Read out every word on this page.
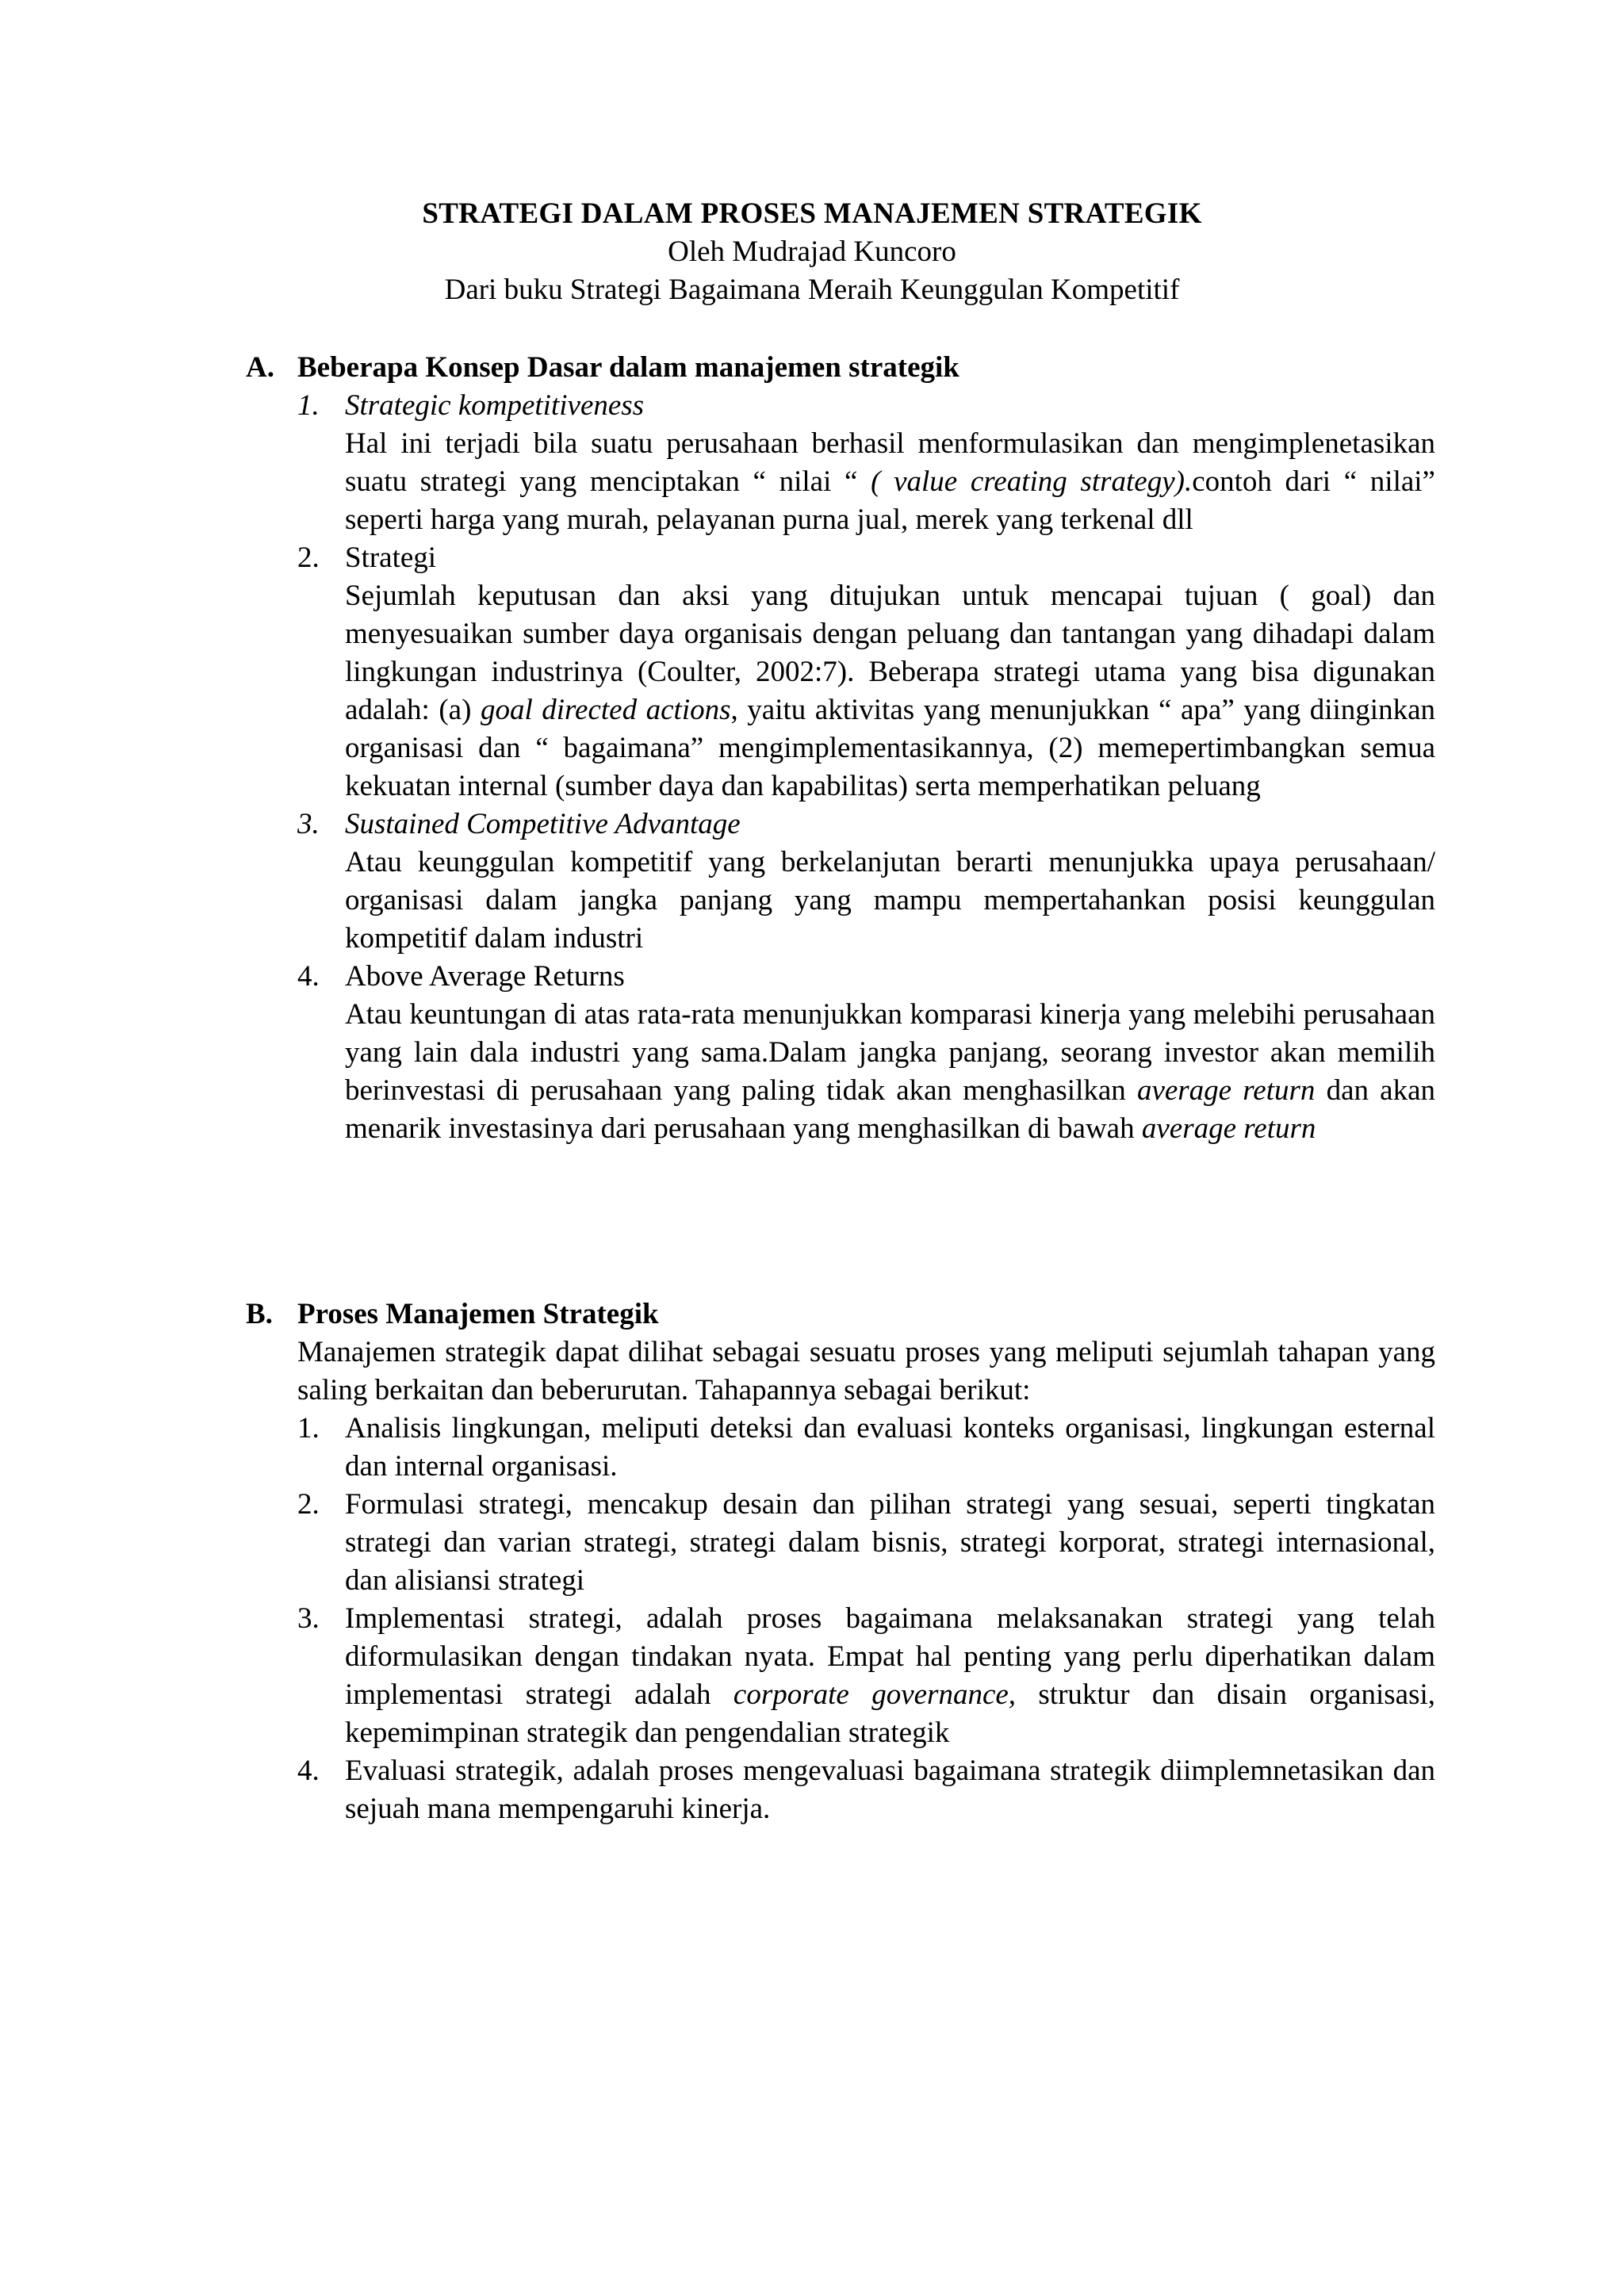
STRATEGI DALAM PROSES MANAJEMEN STRATEGIK
Oleh Mudrajad Kuncoro
Dari buku Strategi Bagaimana Meraih Keunggulan Kompetitif
A. Beberapa Konsep Dasar dalam manajemen strategik
1. Strategic kompetitiveness
Hal ini terjadi bila suatu perusahaan berhasil menformulasikan dan mengimplenetasikan suatu strategi yang menciptakan “ nilai “ ( value creating strategy).contoh dari “ nilai” seperti harga yang murah, pelayanan purna jual, merek yang terkenal dll
2. Strategi
Sejumlah keputusan dan aksi yang ditujukan untuk mencapai tujuan ( goal) dan menyesuaikan sumber daya organisais dengan peluang dan tantangan yang dihadapi dalam lingkungan industrinya (Coulter, 2002:7). Beberapa strategi utama yang bisa digunakan adalah: (a) goal directed actions, yaitu aktivitas yang menunjukkan “ apa” yang diinginkan organisasi dan “ bagaimana” mengimplementasikannya, (2) memepertimbangkan semua kekuatan internal (sumber daya dan kapabilitas) serta memperhatikan peluang
3. Sustained Competitive Advantage
Atau keunggulan kompetitif yang berkelanjutan berarti menunjukka upaya perusahaan/ organisasi dalam jangka panjang yang mampu mempertahankan posisi keunggulan kompetitif dalam industri
4. Above Average Returns
Atau keuntungan di atas rata-rata menunjukkan komparasi kinerja yang melebihi perusahaan yang lain dala industri yang sama.Dalam jangka panjang, seorang investor akan memilih berinvestasi di perusahaan yang paling tidak akan menghasilkan average return dan akan menarik investasinya dari perusahaan yang menghasilkan di bawah average return
B. Proses Manajemen Strategik
Manajemen strategik dapat dilihat sebagai sesuatu proses yang meliputi sejumlah tahapan yang saling berkaitan dan beberurutan. Tahapannya sebagai berikut:
1. Analisis lingkungan, meliputi deteksi dan evaluasi konteks organisasi, lingkungan esternal dan internal organisasi.
2. Formulasi strategi, mencakup desain dan pilihan strategi yang sesuai, seperti tingkatan strategi dan varian strategi, strategi dalam bisnis, strategi korporat, strategi internasional, dan alisiansi strategi
3. Implementasi strategi, adalah proses bagaimana melaksanakan strategi yang telah diformulasikan dengan tindakan nyata. Empat hal penting yang perlu diperhatikan dalam implementasi strategi adalah corporate governance, struktur dan disain organisasi, kepemimpinan strategik dan pengendalian strategik
4. Evaluasi strategik, adalah proses mengevaluasi bagaimana strategik diimplemnetasikan dan sejuah mana mempengaruhi kinerja.
